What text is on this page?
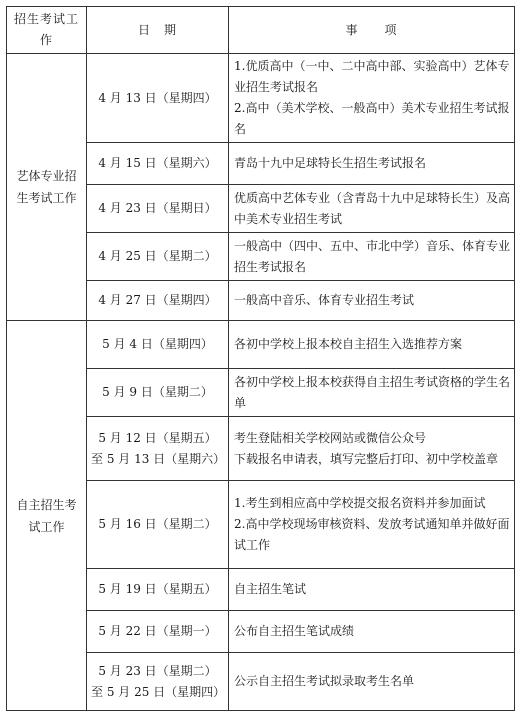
招生考试工作	日　期	事　　项
艺体专业招生考试工作	4 月 13 日（星期四）	1.优质高中（一中、二中高中部、实验高中）艺体专业招生考试报名
2.高中（美术学校、一般高中）美术专业招生考试报名

	4 月 15 日（星期六）	青岛十九中足球特长生招生考试报名

	4 月 23 日（星期日）	优质高中艺体专业（含青岛十九中足球特长生）及高中美术专业招生考试

	4 月 25 日（星期二）	一般高中（四中、五中、市北中学）音乐、体育专业招生考试报名

	4 月 27 日（星期四）	一般高中音乐、体育专业招生考试

自主招生考试工作	5 月 4 日（星期四）	各初中学校上报本校自主招生入选推荐方案

	5 月 9 日（星期二）	各初中学校上报本校获得自主招生考试资格的学生名单

	5 月 12 日（星期五）
至 5 月 13 日（星期六）	考生登陆相关学校网站或微信公众号
下载报名申请表，填写完整后打印、初中学校盖章

	5 月 16 日（星期二）	1.考生到相应高中学校提交报名资料并参加面试
2.高中学校现场审核资料、发放考试通知单并做好面试工作

	5 月 19 日（星期五）	自主招生笔试

	5 月 22 日（星期一）	公布自主招生笔试成绩

	5 月 23 日（星期二）
至 5 月 25 日（星期四）	公示自主招生考试拟录取考生名单
